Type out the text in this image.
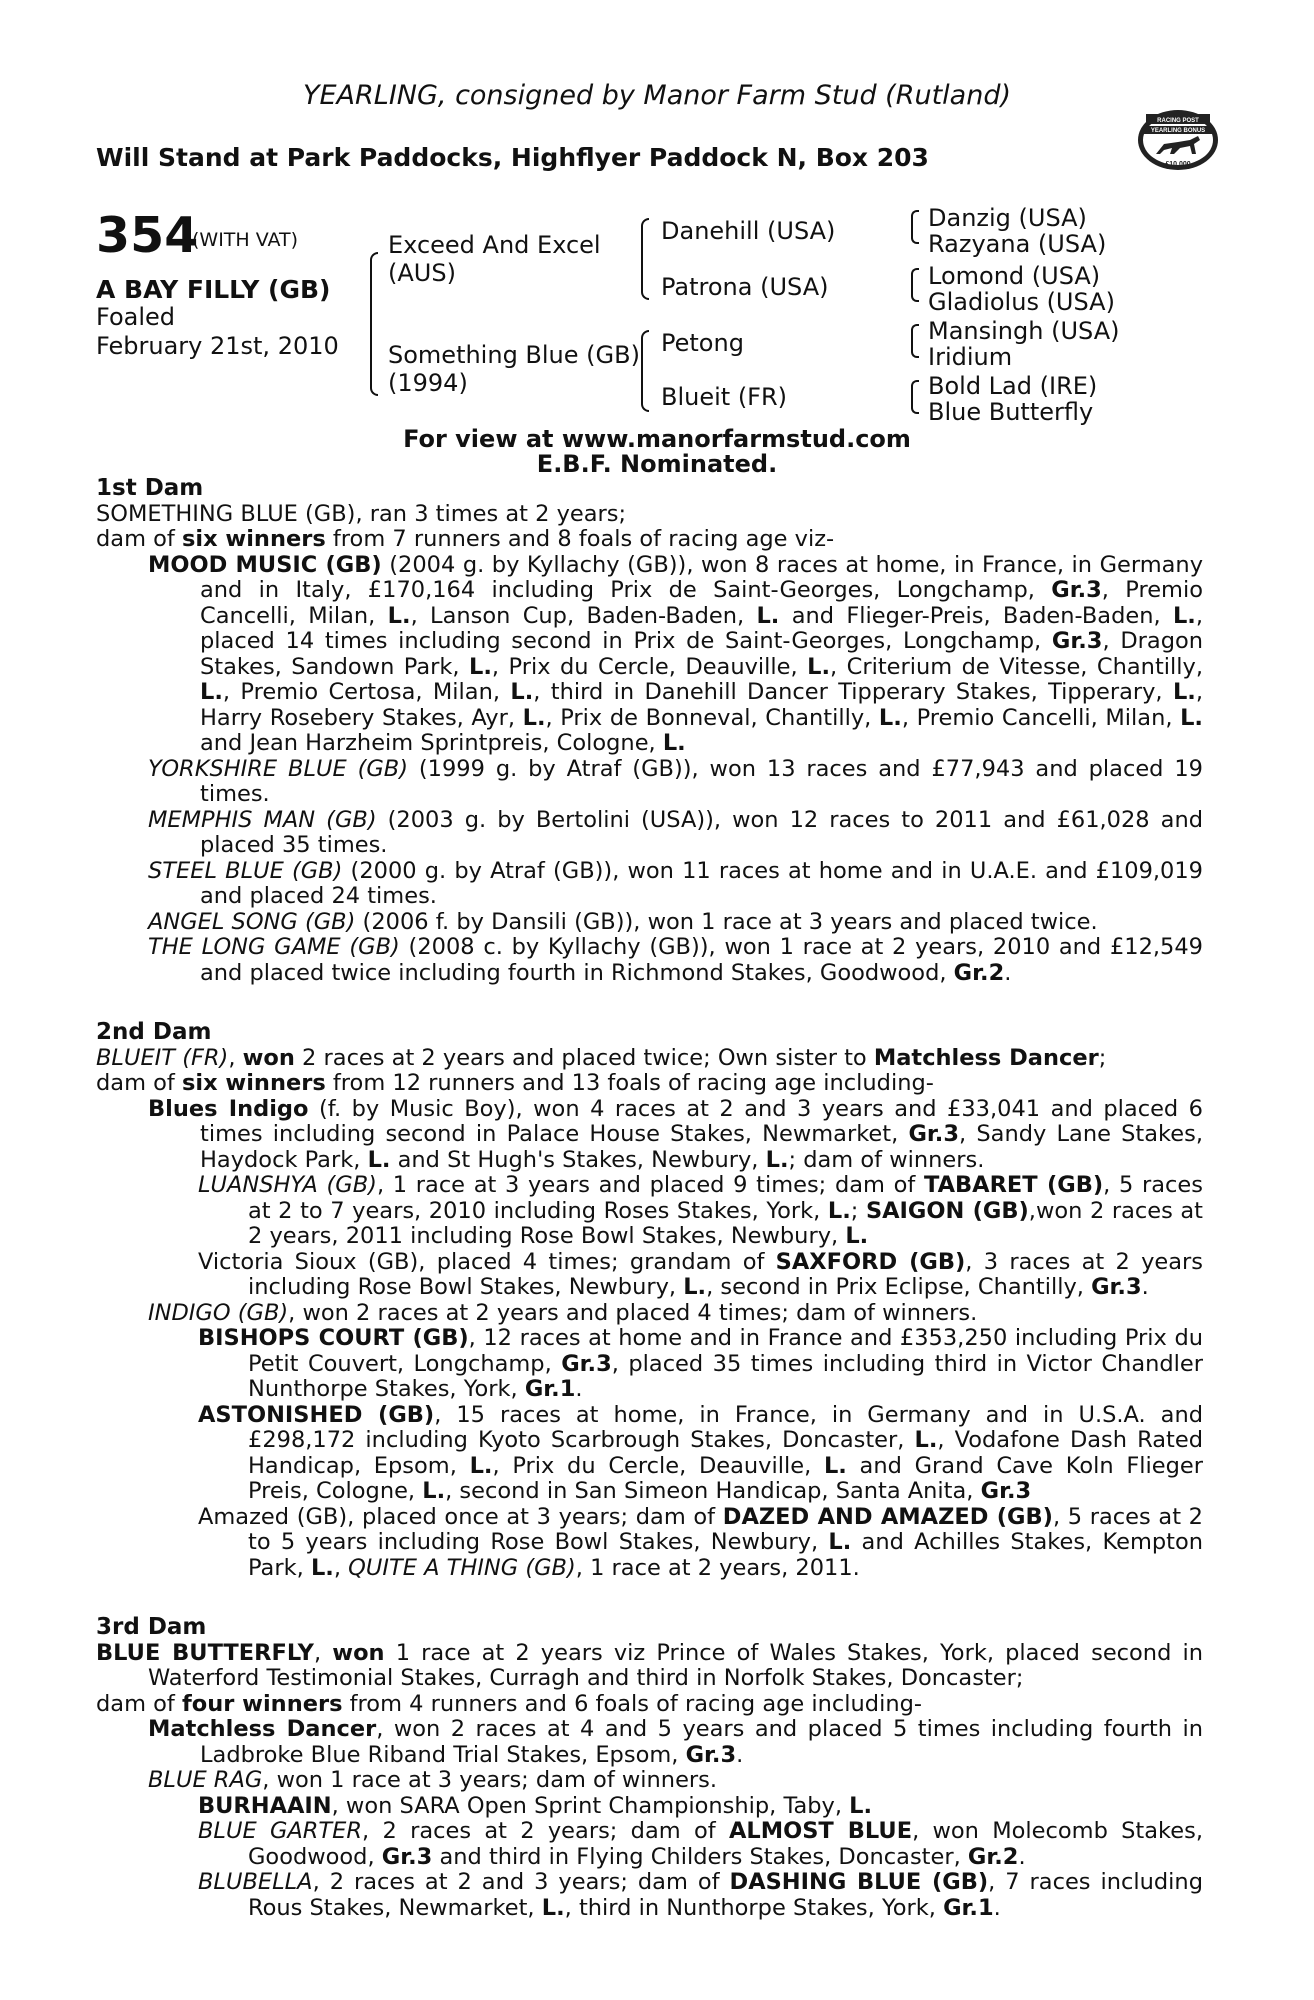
YEARLING, consigned by Manor Farm Stud (Rutland)
Will Stand at Park Paddocks, Highflyer Paddock N, Box 203
RACING POST
YEARLING BONUS
£10,000
354
(WITH VAT)
A BAY FILLY (GB)
Foaled
February 21st, 2010
Exceed And Excel
(AUS)
Something Blue (GB)
(1994)
Danehill (USA)
Patrona (USA)
Petong
Blueit (FR)
Danzig (USA)
Razyana (USA)
Lomond (USA)
Gladiolus (USA)
Mansingh (USA)
Iridium
Bold Lad (IRE)
Blue Butterfly
For view at www.manorfarmstud.com
E.B.F. Nominated.
1st Dam
SOMETHING BLUE (GB), ran 3 times at 2 years;
dam of six winners from 7 runners and 8 foals of racing age viz-
MOOD MUSIC (GB) (2004 g. by Kyllachy (GB)), won 8 races at home, in France, in Germany and in Italy, £170,164 including Prix de Saint-Georges, Longchamp, Gr.3, Premio Cancelli, Milan, L., Lanson Cup, Baden-Baden, L. and Flieger-Preis, Baden-Baden, L., placed 14 times including second in Prix de Saint-Georges, Longchamp, Gr.3, Dragon Stakes, Sandown Park, L., Prix du Cercle, Deauville, L., Criterium de Vitesse, Chantilly, L., Premio Certosa, Milan, L., third in Danehill Dancer Tipperary Stakes, Tipperary, L., Harry Rosebery Stakes, Ayr, L., Prix de Bonneval, Chantilly, L., Premio Cancelli, Milan, L. and Jean Harzheim Sprintpreis, Cologne, L.
YORKSHIRE BLUE (GB) (1999 g. by Atraf (GB)), won 13 races and £77,943 and placed 19 times.
MEMPHIS MAN (GB) (2003 g. by Bertolini (USA)), won 12 races to 2011 and £61,028 and placed 35 times.
STEEL BLUE (GB) (2000 g. by Atraf (GB)), won 11 races at home and in U.A.E. and £109,019 and placed 24 times.
ANGEL SONG (GB) (2006 f. by Dansili (GB)), won 1 race at 3 years and placed twice.
THE LONG GAME (GB) (2008 c. by Kyllachy (GB)), won 1 race at 2 years, 2010 and £12,549 and placed twice including fourth in Richmond Stakes, Goodwood, Gr.2.
2nd Dam
BLUEIT (FR), won 2 races at 2 years and placed twice; Own sister to Matchless Dancer;
dam of six winners from 12 runners and 13 foals of racing age including-
Blues Indigo (f. by Music Boy), won 4 races at 2 and 3 years and £33,041 and placed 6 times including second in Palace House Stakes, Newmarket, Gr.3, Sandy Lane Stakes, Haydock Park, L. and St Hugh's Stakes, Newbury, L.; dam of winners.
LUANSHYA (GB), 1 race at 3 years and placed 9 times; dam of TABARET (GB), 5 races at 2 to 7 years, 2010 including Roses Stakes, York, L.; SAIGON (GB),won 2 races at 2 years, 2011 including Rose Bowl Stakes, Newbury, L.
Victoria Sioux (GB), placed 4 times; grandam of SAXFORD (GB), 3 races at 2 years including Rose Bowl Stakes, Newbury, L., second in Prix Eclipse, Chantilly, Gr.3.
INDIGO (GB), won 2 races at 2 years and placed 4 times; dam of winners.
BISHOPS COURT (GB), 12 races at home and in France and £353,250 including Prix du Petit Couvert, Longchamp, Gr.3, placed 35 times including third in Victor Chandler Nunthorpe Stakes, York, Gr.1.
ASTONISHED (GB), 15 races at home, in France, in Germany and in U.S.A. and £298,172 including Kyoto Scarbrough Stakes, Doncaster, L., Vodafone Dash Rated Handicap, Epsom, L., Prix du Cercle, Deauville, L. and Grand Cave Koln Flieger Preis, Cologne, L., second in San Simeon Handicap, Santa Anita, Gr.3
Amazed (GB), placed once at 3 years; dam of DAZED AND AMAZED (GB), 5 races at 2 to 5 years including Rose Bowl Stakes, Newbury, L. and Achilles Stakes, Kempton Park, L., QUITE A THING (GB), 1 race at 2 years, 2011.
3rd Dam
BLUE BUTTERFLY, won 1 race at 2 years viz Prince of Wales Stakes, York, placed second in Waterford Testimonial Stakes, Curragh and third in Norfolk Stakes, Doncaster;
dam of four winners from 4 runners and 6 foals of racing age including-
Matchless Dancer, won 2 races at 4 and 5 years and placed 5 times including fourth in Ladbroke Blue Riband Trial Stakes, Epsom, Gr.3.
BLUE RAG, won 1 race at 3 years; dam of winners.
BURHAAIN, won SARA Open Sprint Championship, Taby, L.
BLUE GARTER, 2 races at 2 years; dam of ALMOST BLUE, won Molecomb Stakes, Goodwood, Gr.3 and third in Flying Childers Stakes, Doncaster, Gr.2.
BLUBELLA, 2 races at 2 and 3 years; dam of DASHING BLUE (GB), 7 races including Rous Stakes, Newmarket, L., third in Nunthorpe Stakes, York, Gr.1.
